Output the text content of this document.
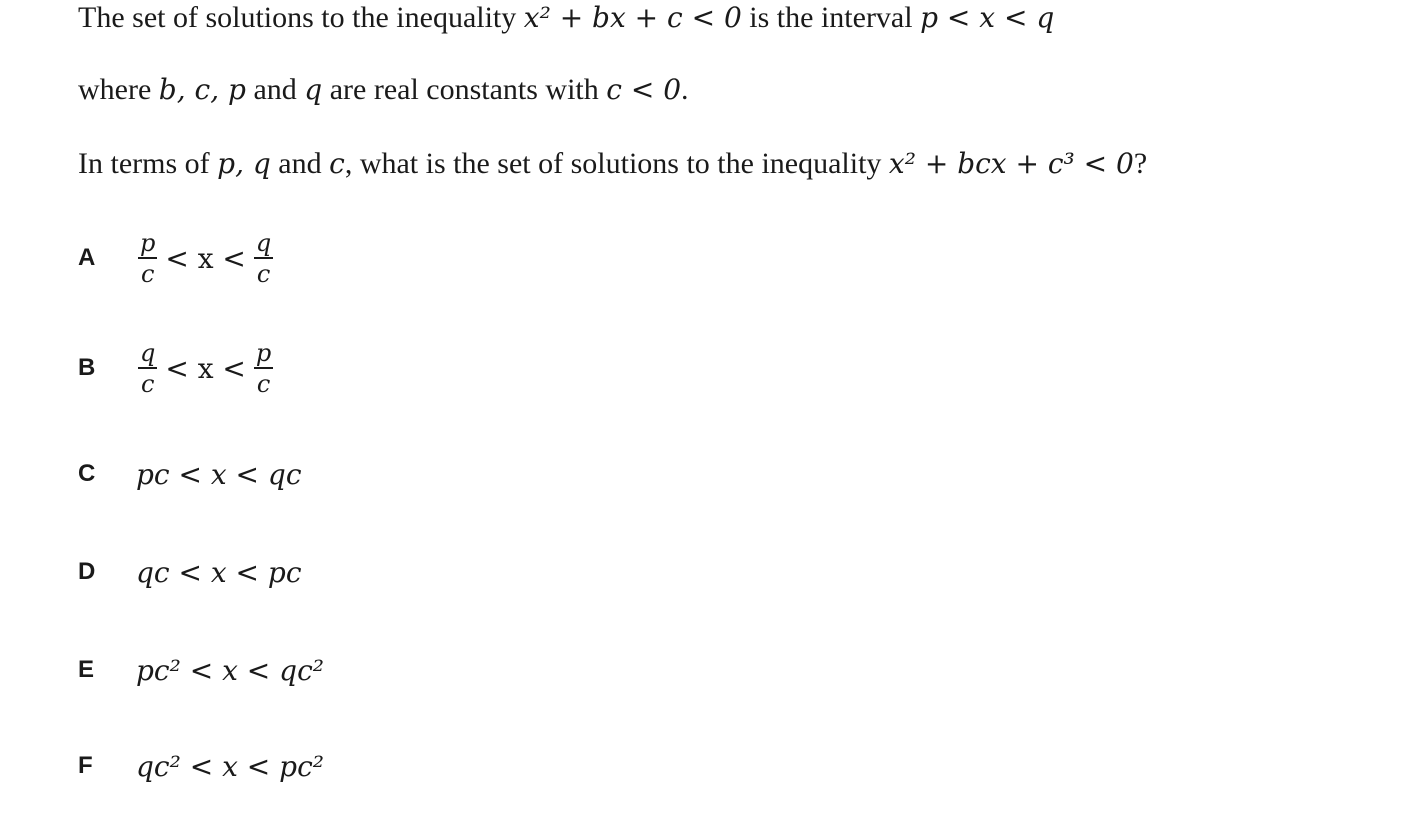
The set of solutions to the inequality x² + bx + c < 0 is the interval p < x < q
where b, c, p and q are real constants with c < 0.
In terms of p, q and c, what is the set of solutions to the inequality x² + bcx + c³ < 0?
A	$\frac{p}{c} < x < \frac{q}{c}$
B	$\frac{q}{c} < x < \frac{p}{c}$
C	pc < x < qc
D	qc < x < pc
E	pc² < x < qc²
F	qc² < x < pc²
